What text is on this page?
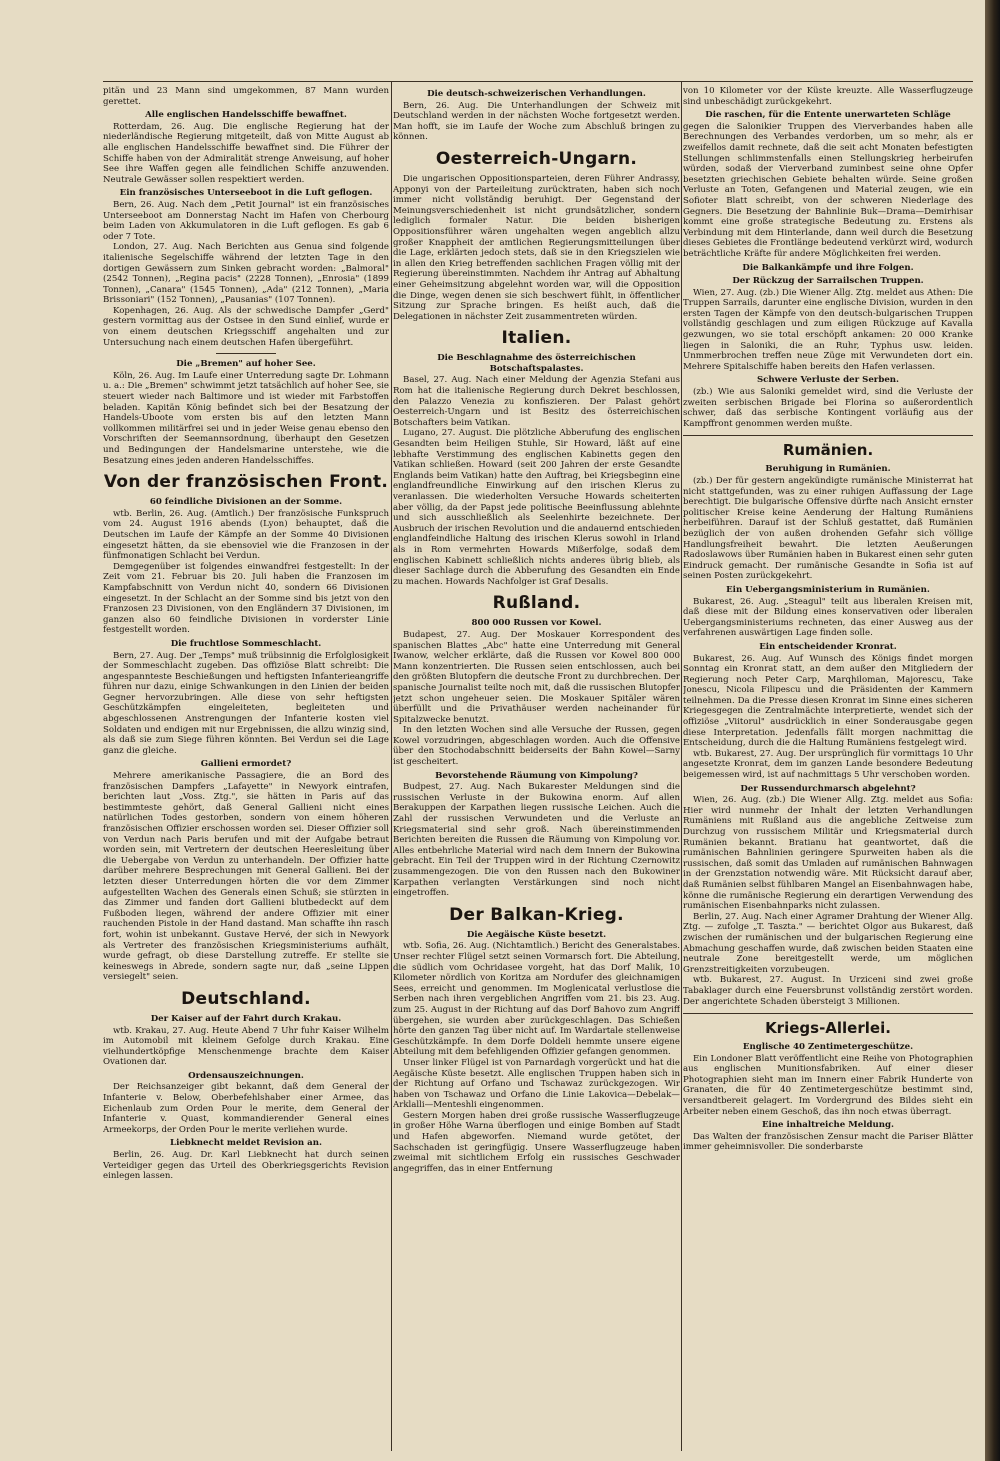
pitän und 23 Mann sind umgekommen, 87 Mann wurden gerettet.

Alle englischen Handelsschiffe bewaffnet.

Rotterdam, 26. Aug. Die englische Regierung hat der niederländische Regierung mitgeteilt, daß von Mitte August ab alle englischen Handelsschiffe bewaffnet sind. Die Führer der Schiffe haben von der Admiralität strenge Anweisung, auf hoher See ihre Waffen gegen alle feindlichen Schiffe anzuwenden. Neutrale Gewässer sollen respektiert werden.

Ein französisches Unterseeboot in die Luft geflogen.

Bern, 26. Aug. Nach dem „Petit Journal" ist ein französisches Unterseeboot am Donnerstag Nacht im Hafen von Cherbourg beim Laden von Akkumulatoren in die Luft geflogen. Es gab 6 oder 7 Tote.

London, 27. Aug. Nach Berichten aus Genua sind folgende italienische Segelschiffe während der letzten Tage in den dortigen Gewässern zum Sinken gebracht worden: „Balmoral" (2542 Tonnen), „Regina pacis" (2228 Tonnen), „Enrosia" (1899 Tonnen), „Canara" (1545 Tonnen), „Ada" (212 Tonnen), „Maria Brissoniari" (152 Tonnen), „Pausanias" (107 Tonnen).

Kopenhagen, 26. Aug. Als der schwedische Dampfer „Gerd" gestern vormittag aus der Ostsee in den Sund einlief, wurde er von einem deutschen Kriegsschiff angehalten und zur Untersuchung nach einem deutschen Hafen übergeführt.

Die „Bremen" auf hoher See.

Köln, 26. Aug. Im Laufe einer Unterredung sagte Dr. Lohmann u. a.: Die „Bremen" schwimmt jetzt tatsächlich auf hoher See, sie steuert wieder nach Baltimore und ist wieder mit Farbstoffen beladen. Kapitän König befindet sich bei der Besatzung der Handels-Uboote vom ersten bis auf den letzten Mann vollkommen militärfrei sei und in jeder Weise genau ebenso den Vorschriften der Seemannsordnung, überhaupt den Gesetzen und Bedingungen der Handelsmarine unterstehe, wie die Besatzung eines jeden anderen Handelsschiffes.

Von der französischen Front.
60 feindliche Divisionen an der Somme.

wtb. Berlin, 26. Aug. (Amtlich.) Der französische Funkspruch vom 24. August 1916 abends (Lyon) behauptet, daß die Deutschen im Laufe der Kämpfe an der Somme 40 Divisionen eingesetzt hätten, da sie ebensoviel wie die Franzosen in der fünfmonatigen Schlacht bei Verdun.

Demgegenüber ist folgendes einwandfrei festgestellt: In der Zeit vom 21. Februar bis 20. Juli haben die Franzosen im Kampfabschnitt von Verdun nicht 40, sondern 66 Divisionen eingesetzt. In der Schlacht an der Somme sind bis jetzt von den Franzosen 23 Divisionen, von den Engländern 37 Divisionen, im ganzen also 60 feindliche Divisionen in vorderster Linie festgestellt worden.

Die fruchtlose Sommeschlacht.

Bern, 27. Aug. Der „Temps" muß trübsinnig die Erfolglosigkeit der Sommeschlacht zugeben. Das offiziöse Blatt schreibt: Die angespannteste Beschießungen und heftigsten Infanterieangriffe führen nur dazu, einige Schwankungen in den Linien der beiden Gegner hervorzubringen. Alle diese von sehr heftigsten Geschützkämpfen eingeleiteten, begleiteten und abgeschlossenen Anstrengungen der Infanterie kosten viel Soldaten und endigen mit nur Ergebnissen, die allzu winzig sind, als daß sie zum Siege führen könnten. Bei Verdun sei die Lage ganz die gleiche.

Gallieni ermordet?

Mehrere amerikanische Passagiere, die an Bord des französischen Dampfers „Lafayette" in Newyork eintrafen, berichten laut „Voss. Ztg.", sie hätten in Paris auf das bestimmteste gehört, daß General Gallieni nicht eines natürlichen Todes gestorben, sondern von einem höheren französischen Offizier erschossen worden sei. Dieser Offizier soll von Verdun nach Paris berufen und mit der Aufgabe betraut worden sein, mit Vertretern der deutschen Heeresleitung über die Uebergabe von Verdun zu unterhandeln. Der Offizier hatte darüber mehrere Besprechungen mit General Gallieni. Bei der letzten dieser Unterredungen hörten die vor dem Zimmer aufgestellten Wachen des Generals einen Schuß; sie stürzten in das Zimmer und fanden dort Gallieni blutbedeckt auf dem Fußboden liegen, während der andere Offizier mit einer rauchenden Pistole in der Hand dastand. Man schaffte ihn rasch fort, wohin ist unbekannt. Gustave Hervé, der sich in Newyork als Vertreter des französischen Kriegsministeriums aufhält, wurde gefragt, ob diese Darstellung zutreffe. Er stellte sie keineswegs in Abrede, sondern sagte nur, daß „seine Lippen versiegelt" seien.

Deutschland.
Der Kaiser auf der Fahrt durch Krakau.

wtb. Krakau, 27. Aug. Heute Abend 7 Uhr fuhr Kaiser Wilhelm im Automobil mit kleinem Gefolge durch Krakau. Eine vielhundertköpfige Menschenmenge brachte dem Kaiser Ovationen dar.

Ordensauszeichnungen.

Der Reichsanzeiger gibt bekannt, daß dem General der Infanterie v. Below, Oberbefehlshaber einer Armee, das Eichenlaub zum Orden Pour le merite, dem General der Infanterie v. Quast, kommandierender General eines Armeekorps, der Orden Pour le merite verliehen wurde.

Liebknecht meldet Revision an.

Berlin, 26. Aug. Dr. Karl Liebknecht hat durch seinen Verteidiger gegen das Urteil des Oberkriegsgerichts Revision einlegen lassen.

Die deutsch-schweizerischen Verhandlungen.

Bern, 26. Aug. Die Unterhandlungen der Schweiz mit Deutschland werden in der nächsten Woche fortgesetzt werden. Man hofft, sie im Laufe der Woche zum Abschluß bringen zu können.

Oesterreich-Ungarn.

Die ungarischen Oppositionsparteien, deren Führer Andrassy, Apponyi von der Parteileitung zurücktraten, haben sich noch immer nicht vollständig beruhigt. Der Gegenstand der Meinungsverschiedenheit ist nicht grundsätzlicher, sondern lediglich formaler Natur. Die beiden bisherigen Oppositionsführer wären ungehalten wegen angeblich allzu großer Knappheit der amtlichen Regierungsmitteilungen über die Lage, erklärten jedoch stets, daß sie in den Kriegszielen wie in allen den Krieg betreffenden sachlichen Fragen völlig mit der Regierung übereinstimmten. Nachdem ihr Antrag auf Abhaltung einer Geheimsitzung abgelehnt worden war, will die Opposition die Dinge, wegen denen sie sich beschwert fühlt, in öffentlicher Sitzung zur Sprache bringen. Es heißt auch, daß die Delegationen in nächster Zeit zusammentreten würden.

Italien.
Die Beschlagnahme des österreichischen Botschaftspalastes.

Basel, 27. Aug. Nach einer Meldung der Agenzia Stefani aus Rom hat die italienische Regierung durch Dekret beschlossen, den Palazzo Venezia zu konfiszieren. Der Palast gehört Oesterreich-Ungarn und ist Besitz des österreichischen Botschafters beim Vatikan.

Lugano, 27. August. Die plötzliche Abberufung des englischen Gesandten beim Heiligen Stuhle, Sir Howard, läßt auf eine lebhafte Verstimmung des englischen Kabinetts gegen den Vatikan schließen. Howard (seit 200 Jahren der erste Gesandte Englands beim Vatikan) hatte den Auftrag, bei Kriegsbeginn eine englandfreundliche Einwirkung auf den irischen Klerus zu veranlassen. Die wiederholten Versuche Howards scheiterten aber völlig, da der Papst jede politische Beeinflussung ablehnte und sich ausschließlich als Seelenhirte bezeichnete. Der Ausbruch der irischen Revolution und die andauernd entschieden englandfeindliche Haltung des irischen Klerus sowohl in Irland als in Rom vermehrten Howards Mißerfolge, sodaß dem englischen Kabinett schließlich nichts anderes übrig blieb, als dieser Sachlage durch die Abberufung des Gesandten ein Ende zu machen. Howards Nachfolger ist Graf Desalis.

Rußland.
800 000 Russen vor Kowel.

Budapest, 27. Aug. Der Moskauer Korrespondent des spanischen Blattes „Abc" hatte eine Unterredung mit General Iwanow, welcher erklärte, daß die Russen vor Kowel 800 000 Mann konzentrierten. Die Russen seien entschlossen, auch bei den größten Blutopfern die deutsche Front zu durchbrechen. Der spanische Journalist teilte noch mit, daß die russischen Blutopfer jetzt schon ungeheuer seien. Die Moskauer Spitäler wären überfüllt und die Privathäuser werden nacheinander für Spitalzwecke benutzt.

In den letzten Wochen sind alle Versuche der Russen, gegen Kowel vorzudringen, abgeschlagen worden. Auch die Offensive über den Stochodabschnitt beiderseits der Bahn Kowel—Sarny ist gescheitert.

Bevorstehende Räumung von Kimpolung?

Budpest, 27. Aug. Nach Bukarester Meldungen sind die russischen Verluste in der Bukowina enorm. Auf allen Berakuppen der Karpathen liegen russische Leichen. Auch die Zahl der russischen Verwundeten und die Verluste an Kriegsmaterial sind sehr groß. Nach übereinstimmenden Berichten bereiten die Russen die Räumung von Kimpolung vor. Alles entbehrliche Material wird nach dem Innern der Bukowina gebracht. Ein Teil der Truppen wird in der Richtung Czernowitz zusammengezogen. Die von den Russen nach den Bukowiner Karpathen verlangten Verstärkungen sind noch nicht eingetroffen.

Der Balkan-Krieg.
Die Aegäische Küste besetzt.

wtb. Sofia, 26. Aug. (Nichtamtlich.) Bericht des Generalstabes. Unser rechter Flügel setzt seinen Vormarsch fort. Die Abteilung, die südlich vom Ochridasee vorgeht, hat das Dorf Malik, 10 Kilometer nördlich von Koritza am Nordufer des gleichnamigen Sees, erreicht und genommen. Im Moglenicatal verlustlose die Serben nach ihren vergeblichen Angriffen vom 21. bis 23. Aug. zum 25. August in der Richtung auf das Dorf Bahovo zum Angriff übergehen, sie wurden aber zurückgeschlagen. Das Schießen hörte den ganzen Tag über nicht auf. Im Wardartale stellenweise Geschützkämpfe. In dem Dorfe Doldeli hemmte unsere eigene Abteilung mit dem befehligenden Offizier gefangen genommen.

Unser linker Flügel ist von Parnardagh vorgerückt und hat die Aegäische Küste besetzt. Alle englischen Truppen haben sich in der Richtung auf Orfano und Tschawaz zurückgezogen. Wir haben von Tschawaz und Orfano die Linie Lakovica—Debelak—Arklalli—Menteshli eingenommen.

Gestern Morgen haben drei große russische Wasserflugzeuge in großer Höhe Warna überflogen und einige Bomben auf Stadt und Hafen abgeworfen. Niemand wurde getötet, der Sachschaden ist geringfügig. Unsere Wasserflugzeuge haben zweimal mit sichtlichem Erfolg ein russisches Geschwader angegriffen, das in einer Entfernung

von 10 Kilometer vor der Küste kreuzte. Alle Wasserflugzeuge sind unbeschädigt zurückgekehrt.

Die raschen, für die Entente unerwarteten Schläge

gegen die Salonikier Truppen des Vierverbandes haben alle Berechnungen des Verbandes verdorben, um so mehr, als er zweifellos damit rechnete, daß die seit acht Monaten befestigten Stellungen schlimmstenfalls einen Stellungskrieg herbeirufen würden, sodaß der Vierverband zuminbest seine ohne Opfer besetzten griechischen Gebiete behalten würde. Seine großen Verluste an Toten, Gefangenen und Material zeugen, wie ein Sofioter Blatt schreibt, von der schweren Niederlage des Gegners. Die Besetzung der Bahnlinie Buk—Drama—Demirhisar kommt eine große strategische Bedeutung zu. Erstens als Verbindung mit dem Hinterlande, dann weil durch die Besetzung dieses Gebietes die Frontlänge bedeutend verkürzt wird, wodurch beträchtliche Kräfte für andere Möglichkeiten frei werden.

Die Balkankämpfe und ihre Folgen.
Der Rückzug der Sarrailschen Truppen.

Wien, 27. Aug. (zb.) Die Wiener Allg. Ztg. meldet aus Athen: Die Truppen Sarrails, darunter eine englische Division, wurden in den ersten Tagen der Kämpfe von den deutsch-bulgarischen Truppen vollständig geschlagen und zum eiligen Rückzuge auf Kavalla gezwungen, wo sie total erschöpft ankamen: 20 000 Kranke liegen in Saloniki, die an Ruhr, Typhus usw. leiden. Unmmerbrochen treffen neue Züge mit Verwundeten dort ein. Mehrere Spitalschiffe haben bereits den Hafen verlassen.

Schwere Verluste der Serben.

(zb.) Wie aus Saloniki gemeldet wird, sind die Verluste der zweiten serbischen Brigade bei Florina so außerordentlich schwer, daß das serbische Kontingent vorläufig aus der Kampffront genommen werden mußte.

Rumänien.
Beruhigung in Rumänien.

(zb.) Der für gestern angekündigte rumänische Ministerrat hat nicht stattgefunden, was zu einer ruhigen Auffassung der Lage berechtigt. Die bulgarische Offensive dürfte nach Ansicht ernster politischer Kreise keine Aenderung der Haltung Rumäniens herbeiführen. Darauf ist der Schluß gestattet, daß Rumänien bezüglich der von außen drohenden Gefahr sich völlige Handlungsfreiheit bewahrt. Die letzten Aeußerungen Radoslawows über Rumänien haben in Bukarest einen sehr guten Eindruck gemacht. Der rumänische Gesandte in Sofia ist auf seinen Posten zurückgekehrt.

Ein Uebergangsministerium in Rumänien.

Bukarest, 26. Aug. „Steagul" teilt aus liberalen Kreisen mit, daß diese mit der Bildung eines konservativen oder liberalen Uebergangsministeriums rechneten, das einer Ausweg aus der verfahrenen auswärtigen Lage finden solle.

Ein entscheidender Kronrat.

Bukarest, 26. Aug. Auf Wunsch des Königs findet morgen Sonntag ein Kronrat statt, an dem außer den Mitgliedern der Regierung noch Peter Carp, Marqhiloman, Majorescu, Take Jonescu, Nicola Filipescu und die Präsidenten der Kammern teilnehmen. Da die Presse diesen Kronrat im Sinne eines sicheren Kriegesgegen die Zentralmächte interpretierte, wendet sich der offiziöse „Viitorul" ausdrücklich in einer Sonderausgabe gegen diese Interpretation. Jedenfalls fällt morgen nachmittag die Entscheidung, durch die die Haltung Rumäniens festgelegt wird.

wtb. Bukarest, 27. Aug. Der ursprünglich für vormittags 10 Uhr angesetzte Kronrat, dem im ganzen Lande besondere Bedeutung beigemessen wird, ist auf nachmittags 5 Uhr verschoben worden.

Der Russendurchmarsch abgelehnt?

Wien, 26. Aug. (zb.) Die Wiener Allg. Ztg. meldet aus Sofia: Hier wird nunmehr der Inhalt der letzten Verhandlungen Rumäniens mit Rußland aus die angebliche Zeitweise zum Durchzug von russischem Militär und Kriegsmaterial durch Rumänien bekannt. Bratianu hat geantwortet, daß die rumänischen Bahnlinien geringere Spurweiten haben als die russischen, daß somit das Umladen auf rumänischen Bahnwagen in der Grenzstation notwendig wäre. Mit Rücksicht darauf aber, daß Rumänien selbst fühlbaren Mangel an Eisenbahnwagen habe, könne die rumänische Regierung ein derartigen Verwendung des rumänischen Eisenbahnparks nicht zulassen.

Berlin, 27. Aug. Nach einer Agramer Drahtung der Wiener Allg. Ztg. — zufolge „T. Taszta." — berichtet Olgor aus Bukarest, daß zwischen der rumänischen und der bulgarischen Regierung eine Abmachung geschaffen wurde, daß zwischen beiden Staaten eine neutrale Zone bereitgestellt werde, um möglichen Grenzstreitigkeiten vorzubeugen.

wtb. Bukarest, 27. August. In Urziceni sind zwei große Tabaklager durch eine Feuersbrunst vollständig zerstört worden. Der angerichtete Schaden übersteigt 3 Millionen.

Kriegs-Allerlei.
Englische 40 Zentimetergeschütze.

Ein Londoner Blatt veröffentlicht eine Reihe von Photographien aus englischen Munitionsfabriken. Auf einer dieser Photographien sieht man im Innern einer Fabrik Hunderte von Granaten, die für 40 Zentimetergeschütze bestimmt sind, versandtbereit gelagert. Im Vordergrund des Bildes sieht ein Arbeiter neben einem Geschoß, das ihn noch etwas überragt.

Eine inhaltreiche Meldung.

Das Walten der französischen Zensur macht die Pariser Blätter immer geheimnisvoller. Die sonderbarste
